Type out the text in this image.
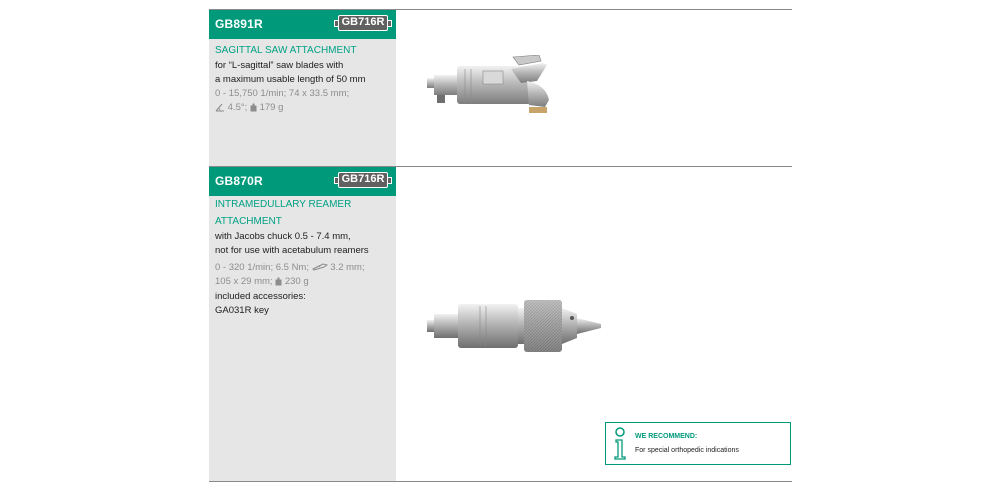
GB891R	GB716R
SAGITTAL SAW ATTACHMENT
for “L-sagittal” saw blades with
a maximum usable length of 50 mm
0 - 15,750 1/min; 74 x 33.5 mm;
4.5°; 179 g
GB870R	GB716R
INTRAMEDULLARY REAMER
ATTACHMENT
with Jacobs chuck 0.5 - 7.4 mm,
not for use with acetabulum reamers
0 - 320 1/min; 6.5 Nm; 3.2 mm;
105 x 29 mm; 230 g
included accessories:
GA031R key
WE RECOMMEND:
For special orthopedic indications
